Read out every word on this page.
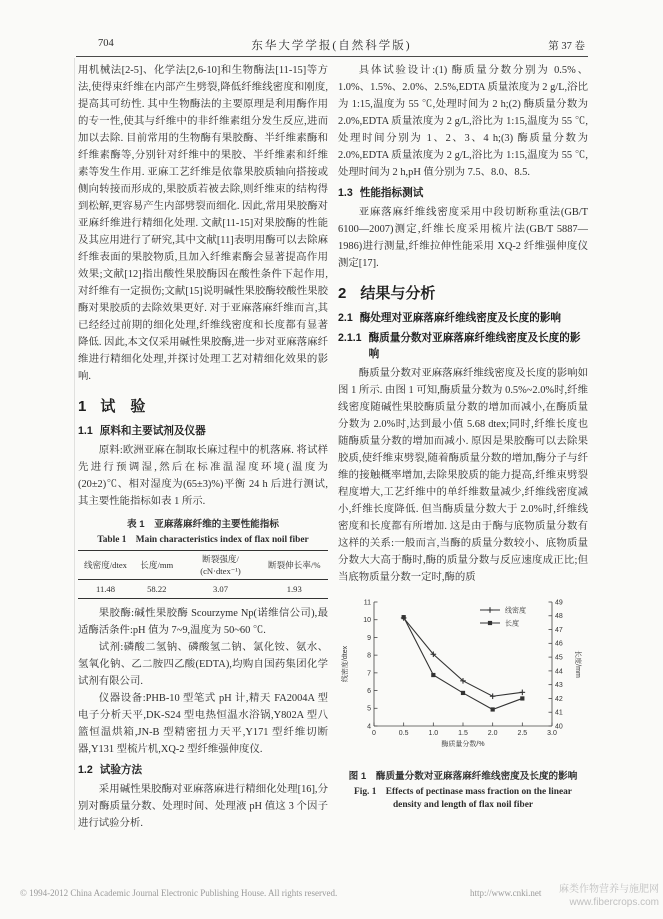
704	东华大学学报(自然科学版)	第 37 卷

用机械法[2-5]、化学法[2,6-10]和生物酶法[11-15]等方法,使得束纤维在内部产生劈裂,降低纤维线密度和刚度,提高其可纺性. 其中生物酶法的主要原理是利用酶作用的专一性,使其与纤维中的非纤维素组分发生反应,进而加以去除. 目前常用的生物酶有果胶酶、半纤维素酶和纤维素酶等,分别针对纤维中的果胶、半纤维素和纤维素等发生作用. 亚麻工艺纤维是依靠果胶质轴向搭接或侧向转接而形成的,果胶质若被去除,则纤维束的结构得到松解,更容易产生内部劈裂而细化. 因此,常用果胶酶对亚麻纤维进行精细化处理. 文献[11-15]对果胶酶的性能及其应用进行了研究,其中文献[11]表明用酶可以去除麻纤维表面的果胶物质,且加入纤维素酶会显著提高作用效果;文献[12]指出酸性果胶酶因在酸性条件下起作用,对纤维有一定损伤;文献[15]说明碱性果胶酶较酸性果胶酶对果胶质的去除效果更好. 对于亚麻落麻纤维而言,其已经经过前期的细化处理,纤维线密度和长度都有显著降低. 因此,本文仅采用碱性果胶酶,进一步对亚麻落麻纤维进行精细化处理,并探讨处理工艺对精细化效果的影响.

1 试　验
1.1 原料和主要试剂及仪器

原料:欧洲亚麻在制取长麻过程中的机落麻. 将试样先进行预调湿,然后在标准温湿度环境(温度为(20±2)℃、相对湿度为(65±3)%)平衡 24 h 后进行测试,其主要性能指标如表 1 所示.

表 1　亚麻落麻纤维的主要性能指标
Table 1　Main characteristics index of flax noil fiber
线密度/dtex	长度/mm	断裂强度/ (cN·dtex⁻¹)	断裂伸长率/%
11.48	58.22	3.07	1.93

果胶酶:碱性果胶酶 Scourzyme Np(诺维信公司),最适酶活条件:pH 值为 7~9,温度为 50~60 ℃.

试剂:磷酸二氢钠、磷酸氢二钠、氯化铵、氨水、氢氧化钠、乙二胺四乙酸(EDTA),均购自国药集团化学试剂有限公司.

仪器设备:PHB-10 型笔式 pH 计,精天 FA2004A 型电子分析天平,DK-S24 型电热恒温水浴锅,Y802A 型八篮恒温烘箱,JN-B 型精密扭力天平,Y171 型纤维切断器,Y131 型梳片机,XQ-2 型纤维强伸度仪.

1.2 试验方法

采用碱性果胶酶对亚麻落麻进行精细化处理[16],分别对酶质量分数、处理时间、处理液 pH 值这 3 个因子进行试验分析.

具体试验设计:(1) 酶质量分数分别为 0.5%、1.0%、1.5%、2.0%、2.5%,EDTA 质量浓度为 2 g/L,浴比为 1:15,温度为 55 ℃,处理时间为 2 h;(2) 酶质量分数为 2.0%,EDTA 质量浓度为 2 g/L,浴比为 1:15,温度为 55 ℃,处理时间分别为 1、2、3、4 h;(3) 酶质量分数为 2.0%,EDTA 质量浓度为 2 g/L,浴比为 1:15,温度为 55 ℃,处理时间为 2 h,pH 值分别为 7.5、8.0、8.5.

1.3 性能指标测试

亚麻落麻纤维线密度采用中段切断称重法(GB/T 6100—2007)测定,纤维长度采用梳片法(GB/T 5887—1986)进行测量,纤维拉伸性能采用 XQ-2 纤维强伸度仪测定[17].

2 结果与分析
2.1 酶处理对亚麻落麻纤维线密度及长度的影响
2.1.1 酶质量分数对亚麻落麻纤维线密度及长度的影响

酶质量分数对亚麻落麻纤维线密度及长度的影响如图 1 所示. 由图 1 可知,酶质量分数为 0.5%~2.0%时,纤维线密度随碱性果胶酶质量分数的增加而减小,在酶质量分数为 2.0%时,达到最小值 5.68 dtex;同时,纤维长度也随酶质量分数的增加而减小. 原因是果胶酶可以去除果胶质,使纤维束劈裂,随着酶质量分数的增加,酶分子与纤维的接触概率增加,去除果胶质的能力提高,纤维束劈裂程度增大,工艺纤维中的单纤维数量减少,纤维线密度减小,纤维长度降低. 但当酶质量分数大于 2.0%时,纤维线密度和长度都有所增加. 这是由于酶与底物质量分数有这样的关系:一般而言,当酶的质量分数较小、底物质量分数大大高于酶时,酶的质量分数与反应速度成正比;但当底物质量分数一定时,酶的质

4
5
6
7
8
9
10
11
40
41
42
43
44
45
46
47
48
49
0	0.5	1.0	1.5	2.0	2.5	3.0
酶质量分数/%
线密度/dtex	长度/mm
线密度
长度
图 1　酶质量分数对亚麻落麻纤维线密度及长度的影响
Fig. 1　Effects of pectinase mass fraction on the linear density and length of flax noil fiber
© 1994-2012 China Academic Journal Electronic Publishing House. All rights reserved.	http://www.cnki.net 麻类作物营养与施肥网
www.fibercrops.com
